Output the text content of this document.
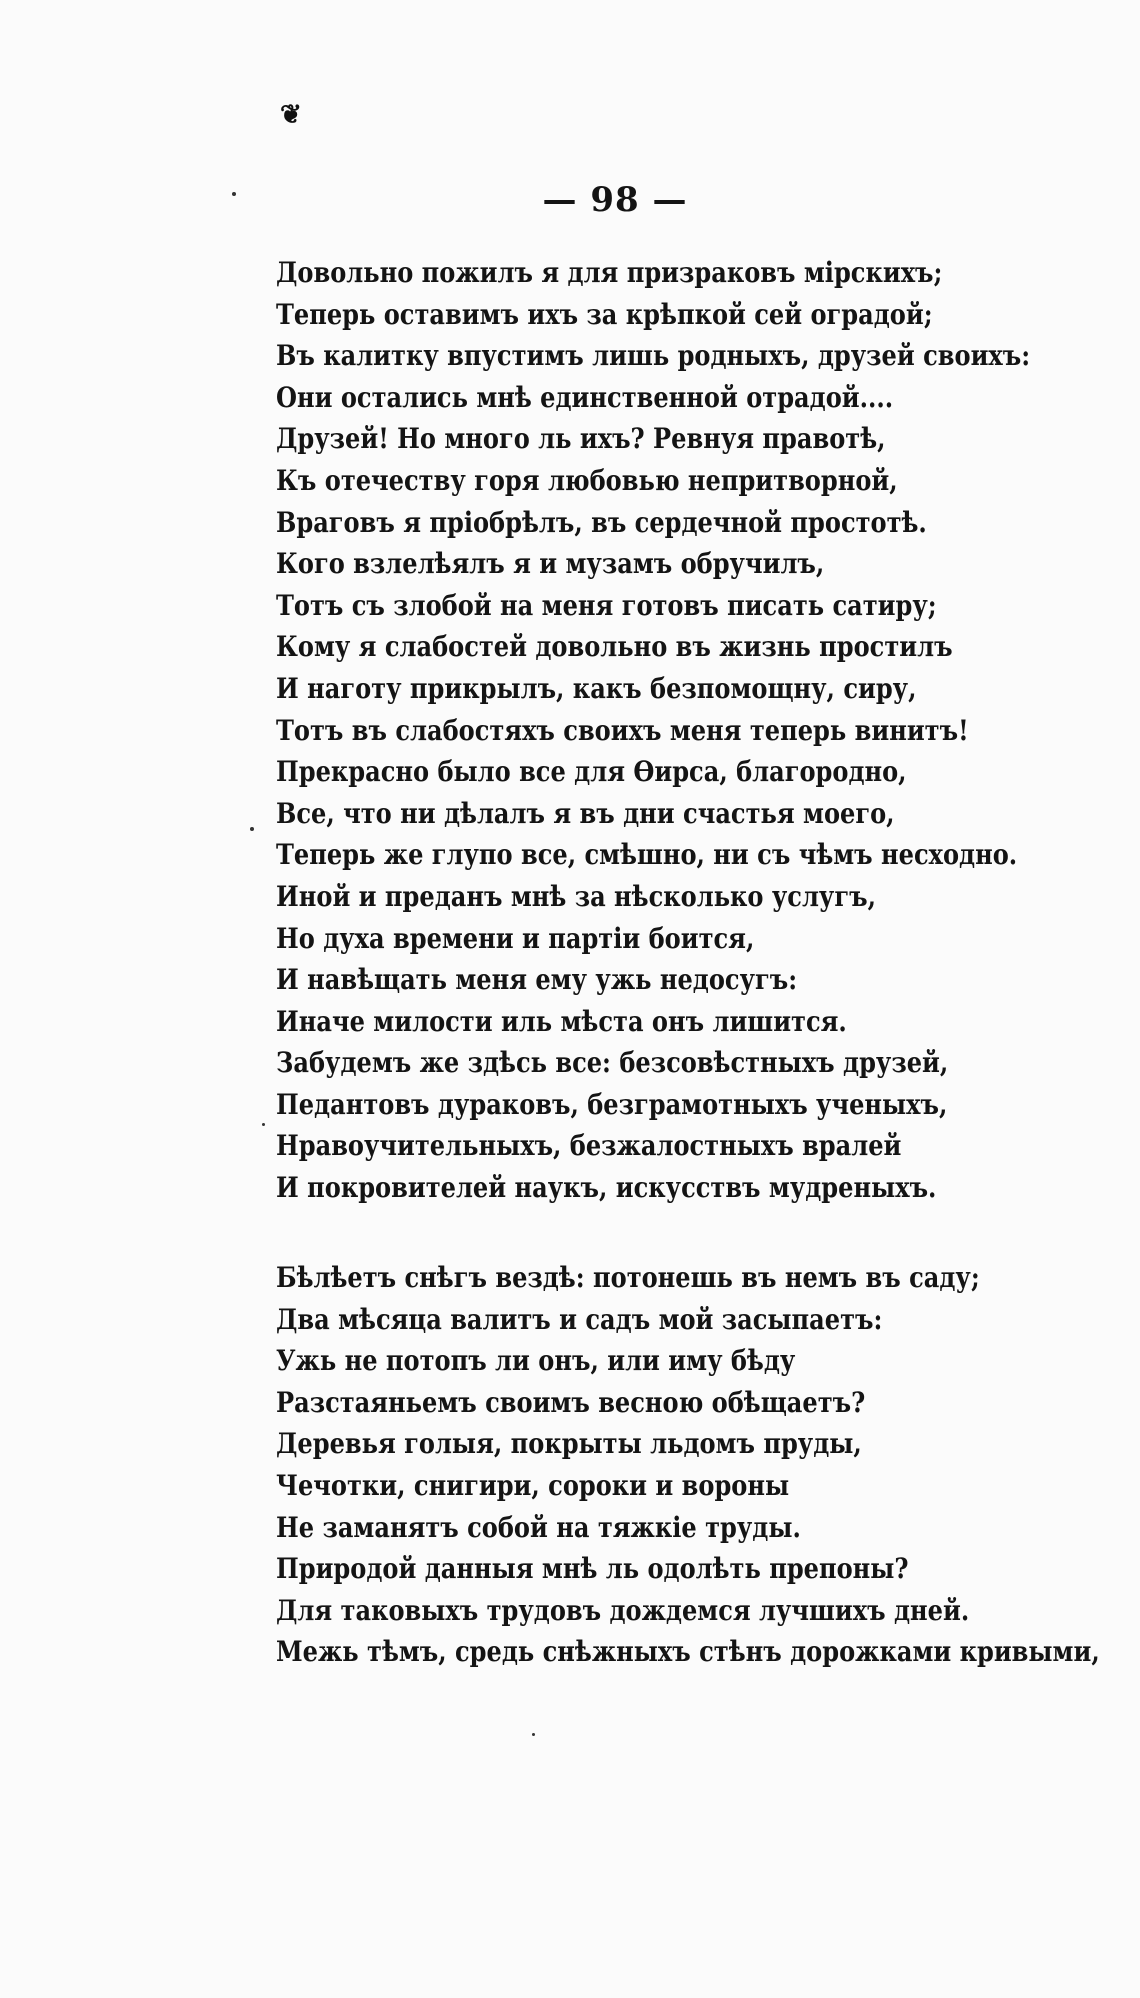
❦
— 98 —
Довольно пожилъ я для призраковъ мірскихъ;
Теперь оставимъ ихъ за крѣпкой сей оградой;
Въ калитку впустимъ лишь родныхъ, друзей своихъ:
Они остались мнѣ единственной отрадой....
Друзей! Но много ль ихъ? Ревнуя правотѣ,
Къ отечеству горя любовью непритворной,
Враговъ я пріобрѣлъ, въ сердечной простотѣ.
Кого взлелѣялъ я и музамъ обручилъ,
Тотъ съ злобой на меня готовъ писать сатиру;
Кому я слабостей довольно въ жизнь простилъ
И наготу прикрылъ, какъ безпомощну, сиру,
Тотъ въ слабостяхъ своихъ меня теперь винитъ!
Прекрасно было все для Ѳирса, благородно,
Все, что ни дѣлалъ я въ дни счастья моего,
Теперь же глупо все, смѣшно, ни съ чѣмъ несходно.
Иной и преданъ мнѣ за нѣсколько услугъ,
Но духа времени и партіи боится,
И навѣщать меня ему ужь недосугъ:
Иначе милости иль мѣста онъ лишится.
Забудемъ же здѣсь все: безсовѣстныхъ друзей,
Педантовъ дураковъ, безграмотныхъ ученыхъ,
Нравоучительныхъ, безжалостныхъ вралей
И покровителей наукъ, искусствъ мудреныхъ.
Бѣлѣетъ снѣгъ вездѣ: потонешь въ немъ въ саду;
Два мѣсяца валитъ и садъ мой засыпаетъ:
Ужь не потопъ ли онъ, или иму бѣду
Разстаяньемъ своимъ весною обѣщаетъ?
Деревья голыя, покрыты льдомъ пруды,
Чечотки, снигири, сороки и вороны
Не заманятъ собой на тяжкіе труды.
Природой данныя мнѣ ль одолѣть препоны?
Для таковыхъ трудовъ дождемся лучшихъ дней.
Межь тѣмъ, средь снѣжныхъ стѣнъ дорожками кривыми,
